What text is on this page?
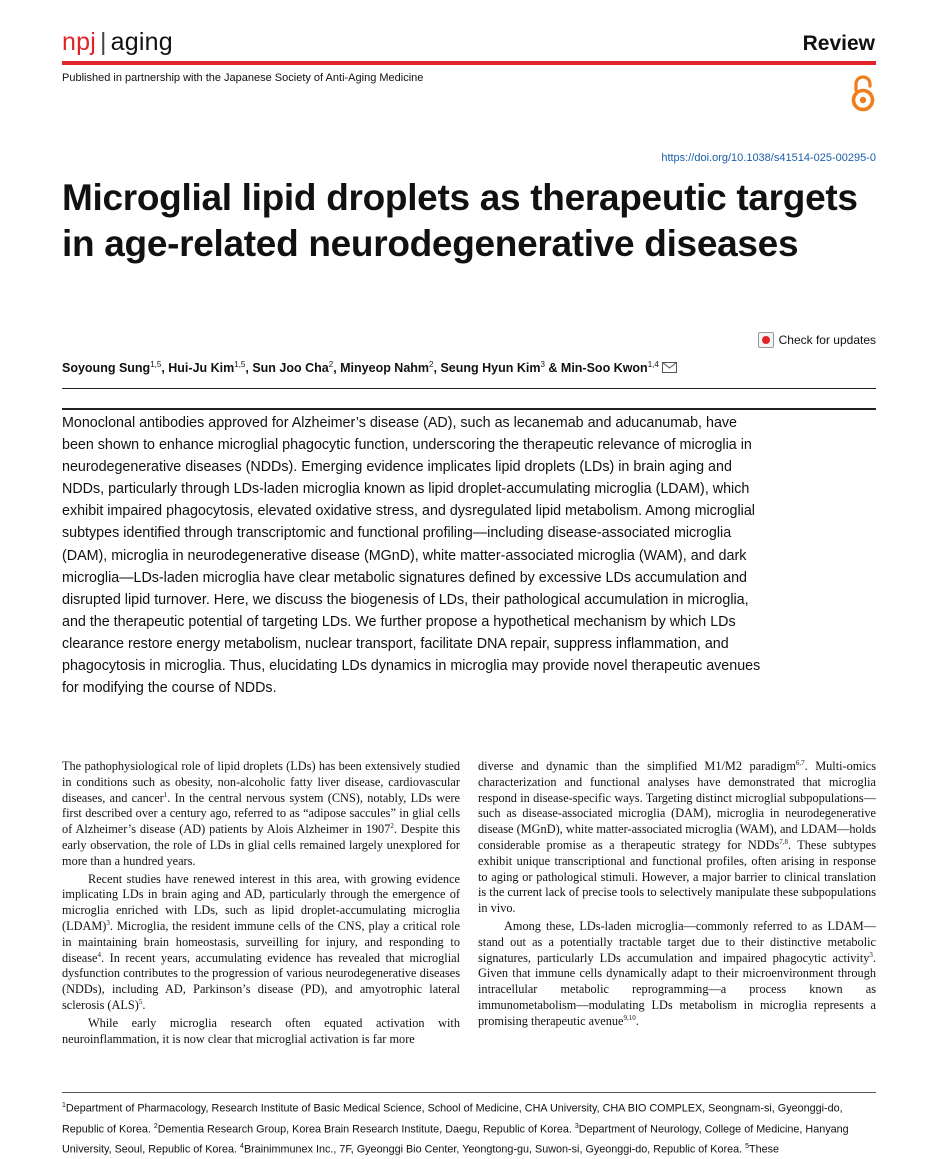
npj | aging	Review
Published in partnership with the Japanese Society of Anti-Aging Medicine
https://doi.org/10.1038/s41514-025-00295-0
Microglial lipid droplets as therapeutic targets in age-related neurodegenerative diseases
Check for updates
Soyoung Sung$^{1,5}$, Hui-Ju Kim$^{1,5}$, Sun Joo Cha$^2$, Minyeop Nahm$^2$, Seung Hyun Kim$^3$ & Min-Soo Kwon$^{1,4}$
Monoclonal antibodies approved for Alzheimer’s disease (AD), such as lecanemab and aducanumab, have been shown to enhance microglial phagocytic function, underscoring the therapeutic relevance of microglia in neurodegenerative diseases (NDDs). Emerging evidence implicates lipid droplets (LDs) in brain aging and NDDs, particularly through LDs-laden microglia known as lipid droplet-accumulating microglia (LDAM), which exhibit impaired phagocytosis, elevated oxidative stress, and dysregulated lipid metabolism. Among microglial subtypes identified through transcriptomic and functional profiling—including disease-associated microglia (DAM), microglia in neurodegenerative disease (MGnD), white matter-associated microglia (WAM), and dark microglia—LDs-laden microglia have clear metabolic signatures defined by excessive LDs accumulation and disrupted lipid turnover. Here, we discuss the biogenesis of LDs, their pathological accumulation in microglia, and the therapeutic potential of targeting LDs. We further propose a hypothetical mechanism by which LDs clearance restore energy metabolism, nuclear transport, facilitate DNA repair, suppress inflammation, and phagocytosis in microglia. Thus, elucidating LDs dynamics in microglia may provide novel therapeutic avenues for modifying the course of NDDs.

The pathophysiological role of lipid droplets (LDs) has been extensively studied in conditions such as obesity, non-alcoholic fatty liver disease, cardiovascular diseases, and cancer$^1$. In the central nervous system (CNS), notably, LDs were first described over a century ago, referred to as “adipose saccules” in glial cells of Alzheimer’s disease (AD) patients by Alois Alzheimer in 1907$^2$. Despite this early observation, the role of LDs in glial cells remained largely unexplored for more than a hundred years.

Recent studies have renewed interest in this area, with growing evidence implicating LDs in brain aging and AD, particularly through the emergence of microglia enriched with LDs, such as lipid droplet-accumulating microglia (LDAM)$^3$. Microglia, the resident immune cells of the CNS, play a critical role in maintaining brain homeostasis, surveilling for injury, and responding to disease$^4$. In recent years, accumulating evidence has revealed that microglial dysfunction contributes to the progression of various neurodegenerative diseases (NDDs), including AD, Parkinson’s disease (PD), and amyotrophic lateral sclerosis (ALS)$^5$.

While early microglia research often equated activation with neuroinflammation, it is now clear that microglial activation is far more

diverse and dynamic than the simplified M1/M2 paradigm$^{6,7}$. Multi-omics characterization and functional analyses have demonstrated that microglia respond in disease-specific ways. Targeting distinct microglial subpopulations—such as disease-associated microglia (DAM), microglia in neurodegenerative disease (MGnD), white matter-associated microglia (WAM), and LDAM—holds considerable promise as a therapeutic strategy for NDDs$^{7,8}$. These subtypes exhibit unique transcriptional and functional profiles, often arising in response to aging or pathological stimuli. However, a major barrier to clinical translation is the current lack of precise tools to selectively manipulate these subpopulations in vivo.

Among these, LDs-laden microglia—commonly referred to as LDAM—stand out as a potentially tractable target due to their distinctive metabolic signatures, particularly LDs accumulation and impaired phagocytic activity$^3$. Given that immune cells dynamically adapt to their microenvironment through intracellular metabolic reprogramming—a process known as immunometabolism—modulating LDs metabolism in microglia represents a promising therapeutic avenue$^{9,10}$.

$^1$Department of Pharmacology, Research Institute of Basic Medical Science, School of Medicine, CHA University, CHA BIO COMPLEX, Seongnam-si, Gyeonggi-do, Republic of Korea. $^2$Dementia Research Group, Korea Brain Research Institute, Daegu, Republic of Korea. $^3$Department of Neurology, College of Medicine, Hanyang University, Seoul, Republic of Korea. $^4$Brainimmunex Inc., 7F, Gyeonggi Bio Center, Yeongtong-gu, Suwon-si, Gyeonggi-do, Republic of Korea. $^5$These
